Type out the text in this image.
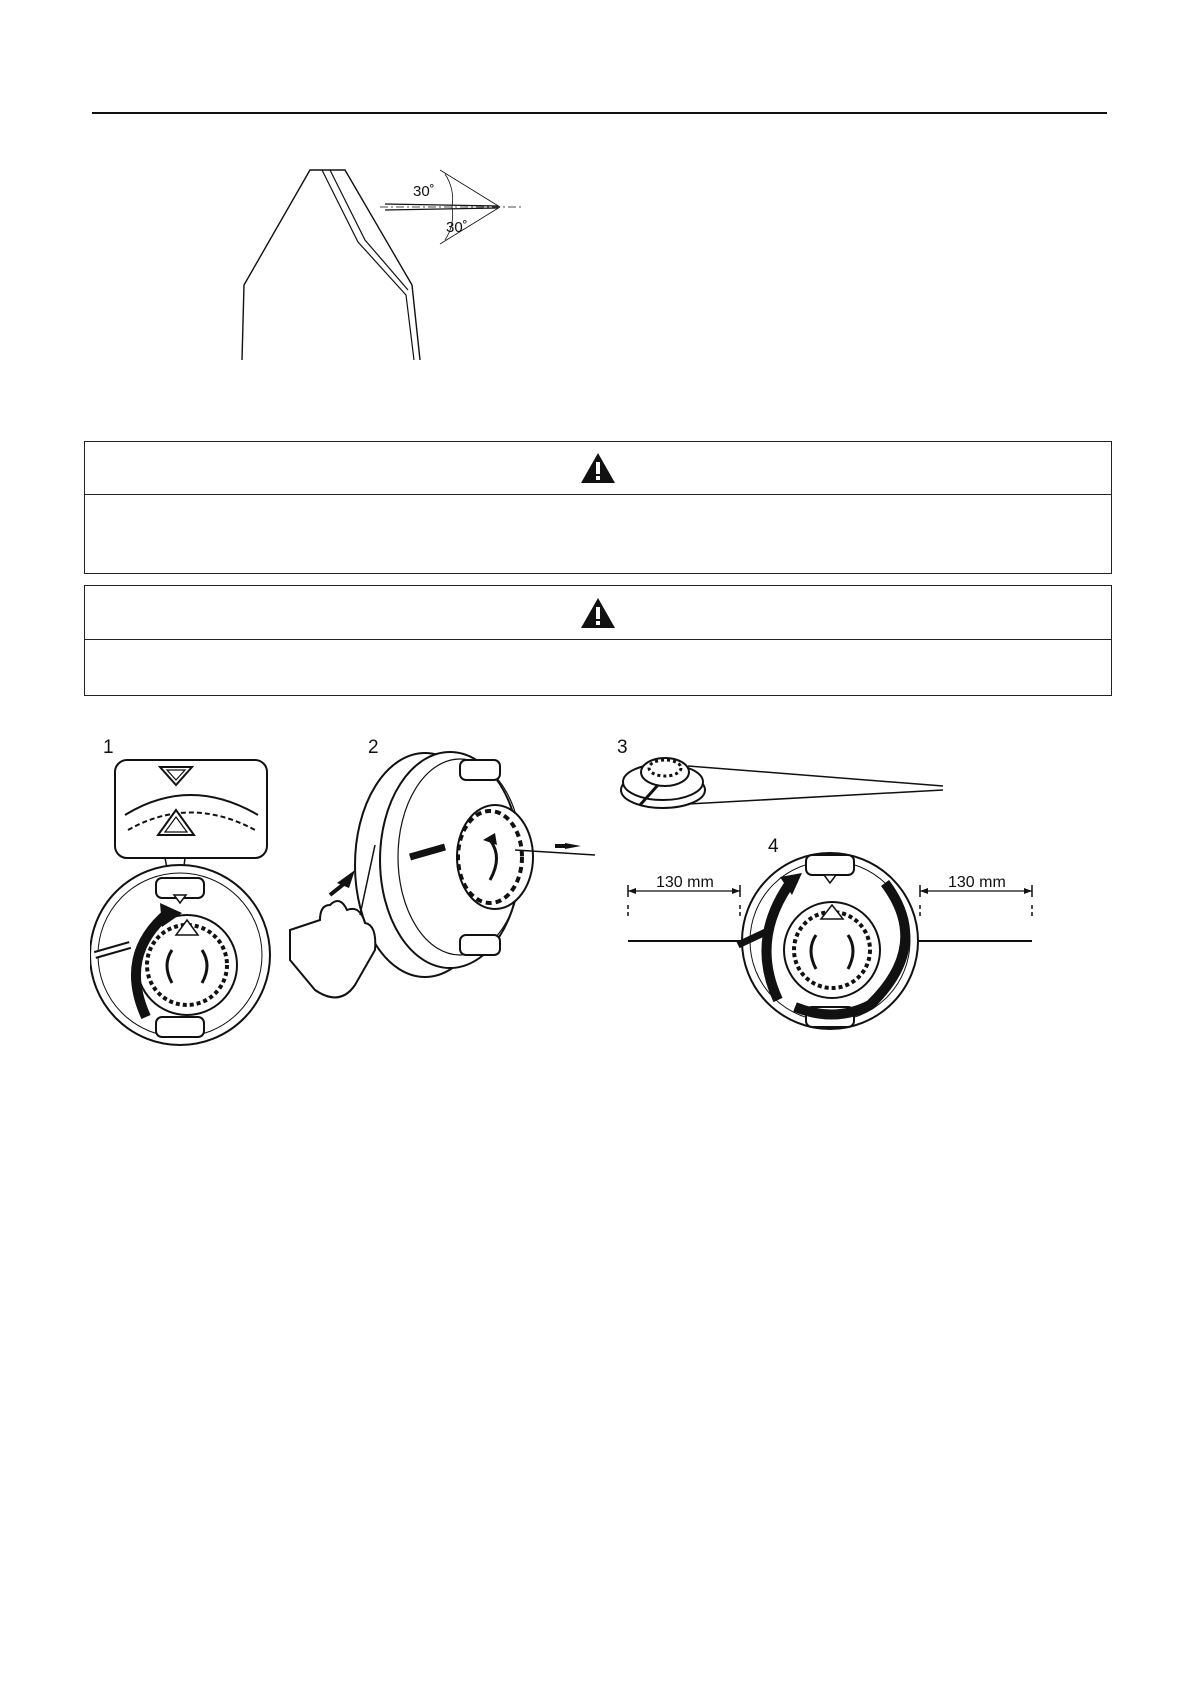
30˚
30˚
1	2	3
4
130 mm	130 mm
